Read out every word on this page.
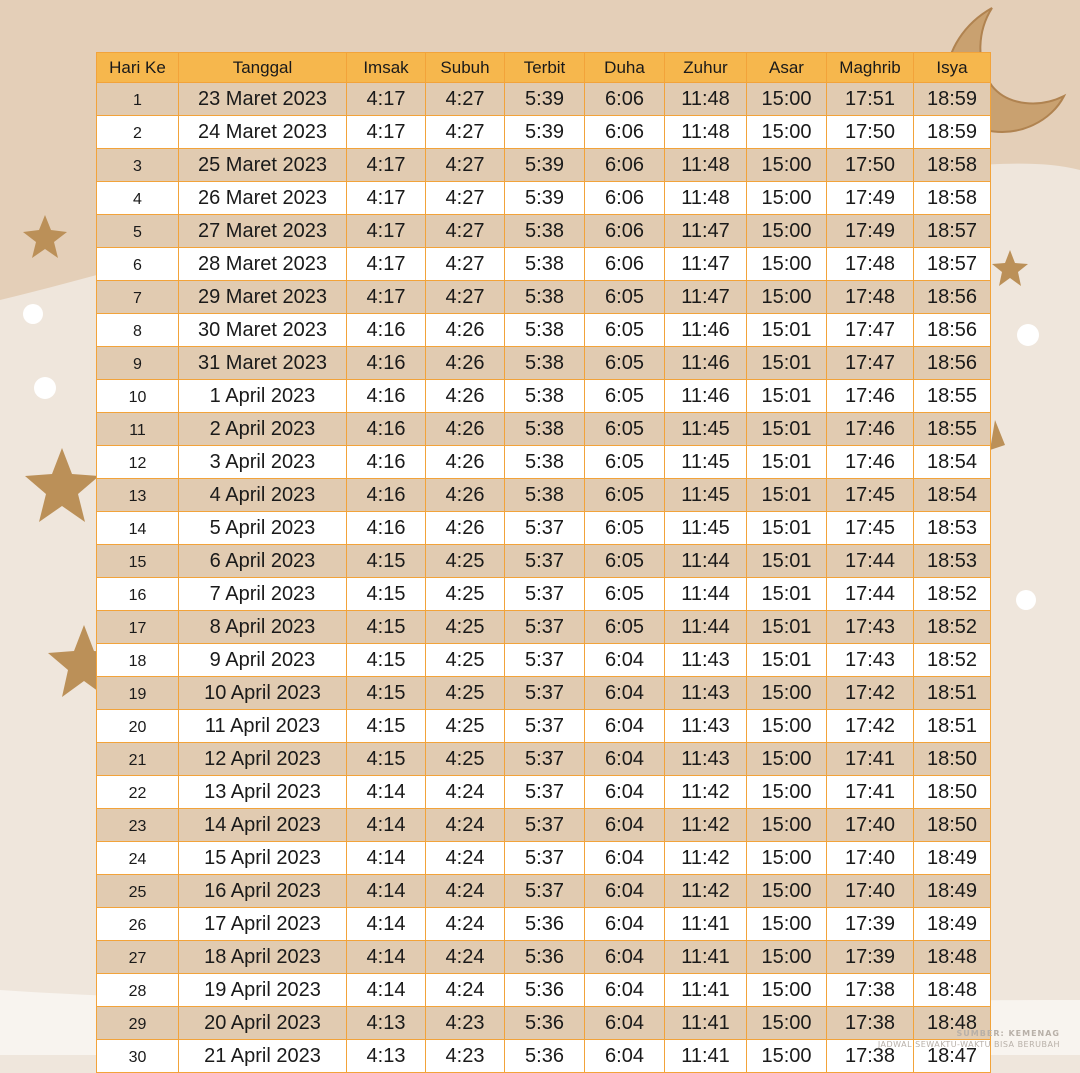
Hari Ke	Tanggal	Imsak	Subuh	Terbit	Duha	Zuhur	Asar	Maghrib	Isya
1	23 Maret 2023	4:17	4:27	5:39	6:06	11:48	15:00	17:51	18:59
2	24 Maret 2023	4:17	4:27	5:39	6:06	11:48	15:00	17:50	18:59
3	25 Maret 2023	4:17	4:27	5:39	6:06	11:48	15:00	17:50	18:58
4	26 Maret 2023	4:17	4:27	5:39	6:06	11:48	15:00	17:49	18:58
5	27 Maret 2023	4:17	4:27	5:38	6:06	11:47	15:00	17:49	18:57
6	28 Maret 2023	4:17	4:27	5:38	6:06	11:47	15:00	17:48	18:57
7	29 Maret 2023	4:17	4:27	5:38	6:05	11:47	15:00	17:48	18:56
8	30 Maret 2023	4:16	4:26	5:38	6:05	11:46	15:01	17:47	18:56
9	31 Maret 2023	4:16	4:26	5:38	6:05	11:46	15:01	17:47	18:56
10	1 April 2023	4:16	4:26	5:38	6:05	11:46	15:01	17:46	18:55
11	2 April 2023	4:16	4:26	5:38	6:05	11:45	15:01	17:46	18:55
12	3 April 2023	4:16	4:26	5:38	6:05	11:45	15:01	17:46	18:54
13	4 April 2023	4:16	4:26	5:38	6:05	11:45	15:01	17:45	18:54
14	5 April 2023	4:16	4:26	5:37	6:05	11:45	15:01	17:45	18:53
15	6 April 2023	4:15	4:25	5:37	6:05	11:44	15:01	17:44	18:53
16	7 April 2023	4:15	4:25	5:37	6:05	11:44	15:01	17:44	18:52
17	8 April 2023	4:15	4:25	5:37	6:05	11:44	15:01	17:43	18:52
18	9 April 2023	4:15	4:25	5:37	6:04	11:43	15:01	17:43	18:52
19	10 April 2023	4:15	4:25	5:37	6:04	11:43	15:00	17:42	18:51
20	11 April 2023	4:15	4:25	5:37	6:04	11:43	15:00	17:42	18:51
21	12 April 2023	4:15	4:25	5:37	6:04	11:43	15:00	17:41	18:50
22	13 April 2023	4:14	4:24	5:37	6:04	11:42	15:00	17:41	18:50
23	14 April 2023	4:14	4:24	5:37	6:04	11:42	15:00	17:40	18:50
24	15 April 2023	4:14	4:24	5:37	6:04	11:42	15:00	17:40	18:49
25	16 April 2023	4:14	4:24	5:37	6:04	11:42	15:00	17:40	18:49
26	17 April 2023	4:14	4:24	5:36	6:04	11:41	15:00	17:39	18:49
27	18 April 2023	4:14	4:24	5:36	6:04	11:41	15:00	17:39	18:48
28	19 April 2023	4:14	4:24	5:36	6:04	11:41	15:00	17:38	18:48
29	20 April 2023	4:13	4:23	5:36	6:04	11:41	15:00	17:38	18:48
30	21 April 2023	4:13	4:23	5:36	6:04	11:41	15:00	17:38	18:47
SUMBER: KEMENAG
JADWAL SEWAKTU-WAKTU BISA BERUBAH
